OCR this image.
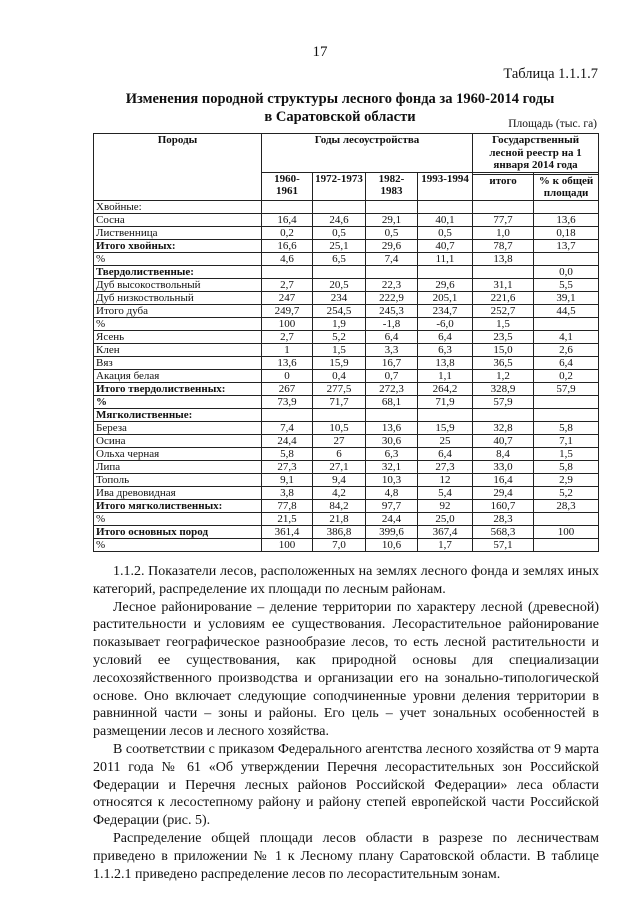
17
Таблица 1.1.1.7
Изменения породной структуры лесного фонда за 1960-2014 годы
в Саратовской области	Площадь (тыс. га)
Породы	Годы лесоустройства				Государственный лесной реестр на 1 января 2014 года	
	1960-1961	1972-1973	1982-1983	1993-1994		
					итого	% к общей площади
Хвойные:						
Сосна	16,4	24,6	29,1	40,1	77,7	13,6
Лиственница	0,2	0,5	0,5	0,5	1,0	0,18
Итого хвойных:	16,6	25,1	29,6	40,7	78,7	13,7
%	4,6	6,5	7,4	11,1	13,8	
Твердолиственные:						0,0
Дуб высокоствольный	2,7	20,5	22,3	29,6	31,1	5,5
Дуб низкоствольный	247	234	222,9	205,1	221,6	39,1
Итого дуба	249,7	254,5	245,3	234,7	252,7	44,5
%	100	1,9	-1,8	-6,0	1,5	
Ясень	2,7	5,2	6,4	6,4	23,5	4,1
Клен	1	1,5	3,3	6,3	15,0	2,6
Вяз	13,6	15,9	16,7	13,8	36,5	6,4
Акация белая	0	0,4	0,7	1,1	1,2	0,2
Итого твердолиственных:	267	277,5	272,3	264,2	328,9	57,9
%	73,9	71,7	68,1	71,9	57,9	
Мягколиственные:						
Береза	7,4	10,5	13,6	15,9	32,8	5,8
Осина	24,4	27	30,6	25	40,7	7,1
Ольха черная	5,8	6	6,3	6,4	8,4	1,5
Липа	27,3	27,1	32,1	27,3	33,0	5,8
Тополь	9,1	9,4	10,3	12	16,4	2,9
Ива древовидная	3,8	4,2	4,8	5,4	29,4	5,2
Итого мягколиственных:	77,8	84,2	97,7	92	160,7	28,3
%	21,5	21,8	24,4	25,0	28,3	
Итого основных пород	361,4	386,8	399,6	367,4	568,3	100
%	100	7,0	10,6	1,7	57,1	

1.1.2. Показатели лесов, расположенных на землях лесного фонда и землях иных категорий, распределение их площади по лесным районам.

Лесное районирование – деление территории по характеру лесной (древесной) растительности и условиям ее существования. Лесорастительное районирование показывает географическое разнообразие лесов, то есть лесной растительности и условий ее существования, как природной основы для специализации лесохозяйственного производства и организации его на зонально-типологической основе. Оно включает следующие соподчиненные уровни деления территории в равнинной части – зоны и районы. Его цель – учет зональных особенностей в размещении лесов и лесного хозяйства.

В соответствии с приказом Федерального агентства лесного хозяйства от 9 марта 2011 года № 61 «Об утверждении Перечня лесорастительных зон Российской Федерации и Перечня лесных районов Российской Федерации» леса области относятся к лесостепному району и району степей европейской части Российской Федерации (рис. 5).

Распределение общей площади лесов области в разрезе по лесничествам приведено в приложении № 1 к Лесному плану Саратовской области. В таблице 1.1.2.1 приведено распределение лесов по лесорастительным зонам.
